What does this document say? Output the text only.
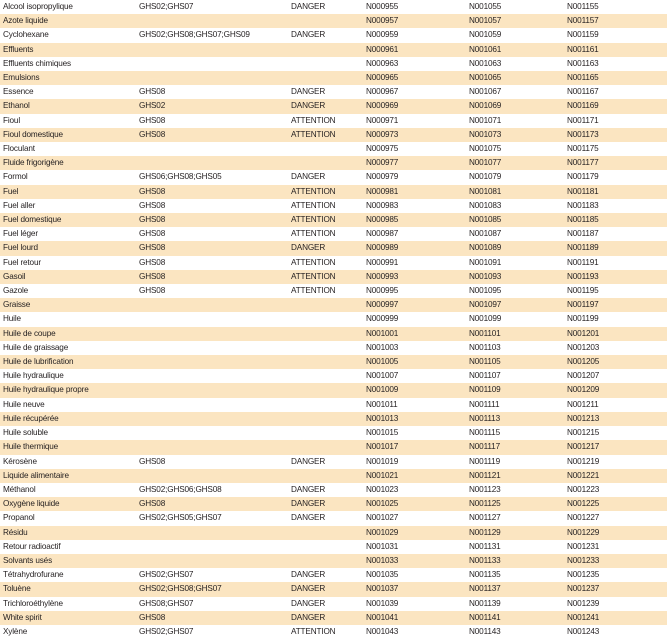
Alcool isopropylique	GHS02;GHS07	DANGER	N000955	N001055	N001155
Azote liquide			N000957	N001057	N001157
Cyclohexane	GHS02;GHS08;GHS07;GHS09	DANGER	N000959	N001059	N001159
Effluents			N000961	N001061	N001161
Effluents chimiques			N000963	N001063	N001163
Emulsions			N000965	N001065	N001165
Essence	GHS08	DANGER	N000967	N001067	N001167
Ethanol	GHS02	DANGER	N000969	N001069	N001169
Fioul	GHS08	ATTENTION	N000971	N001071	N001171
Fioul domestique	GHS08	ATTENTION	N000973	N001073	N001173
Floculant			N000975	N001075	N001175
Fluide frigorigène			N000977	N001077	N001177
Formol	GHS06;GHS08;GHS05	DANGER	N000979	N001079	N001179
Fuel	GHS08	ATTENTION	N000981	N001081	N001181
Fuel aller	GHS08	ATTENTION	N000983	N001083	N001183
Fuel domestique	GHS08	ATTENTION	N000985	N001085	N001185
Fuel léger	GHS08	ATTENTION	N000987	N001087	N001187
Fuel lourd	GHS08	DANGER	N000989	N001089	N001189
Fuel retour	GHS08	ATTENTION	N000991	N001091	N001191
Gasoil	GHS08	ATTENTION	N000993	N001093	N001193
Gazole	GHS08	ATTENTION	N000995	N001095	N001195
Graisse			N000997	N001097	N001197
Huile			N000999	N001099	N001199
Huile de coupe			N001001	N001101	N001201
Huile de graissage			N001003	N001103	N001203
Huile de lubrification			N001005	N001105	N001205
Huile hydraulique			N001007	N001107	N001207
Huile hydraulique propre			N001009	N001109	N001209
Huile neuve			N001011	N001111	N001211
Huile récupérée			N001013	N001113	N001213
Huile soluble			N001015	N001115	N001215
Huile thermique			N001017	N001117	N001217
Kérosène	GHS08	DANGER	N001019	N001119	N001219
Liquide alimentaire			N001021	N001121	N001221
Méthanol	GHS02;GHS06;GHS08	DANGER	N001023	N001123	N001223
Oxygène liquide	GHS08	DANGER	N001025	N001125	N001225
Propanol	GHS02;GHS05;GHS07	DANGER	N001027	N001127	N001227
Résidu			N001029	N001129	N001229
Retour radioactif			N001031	N001131	N001231
Solvants usés			N001033	N001133	N001233
Tétrahydrofurane	GHS02;GHS07	DANGER	N001035	N001135	N001235
Toluène	GHS02;GHS08;GHS07	DANGER	N001037	N001137	N001237
Trichloroéthylène	GHS08;GHS07	DANGER	N001039	N001139	N001239
White spirit	GHS08	DANGER	N001041	N001141	N001241
Xylène	GHS02;GHS07	ATTENTION	N001043	N001143	N001243
